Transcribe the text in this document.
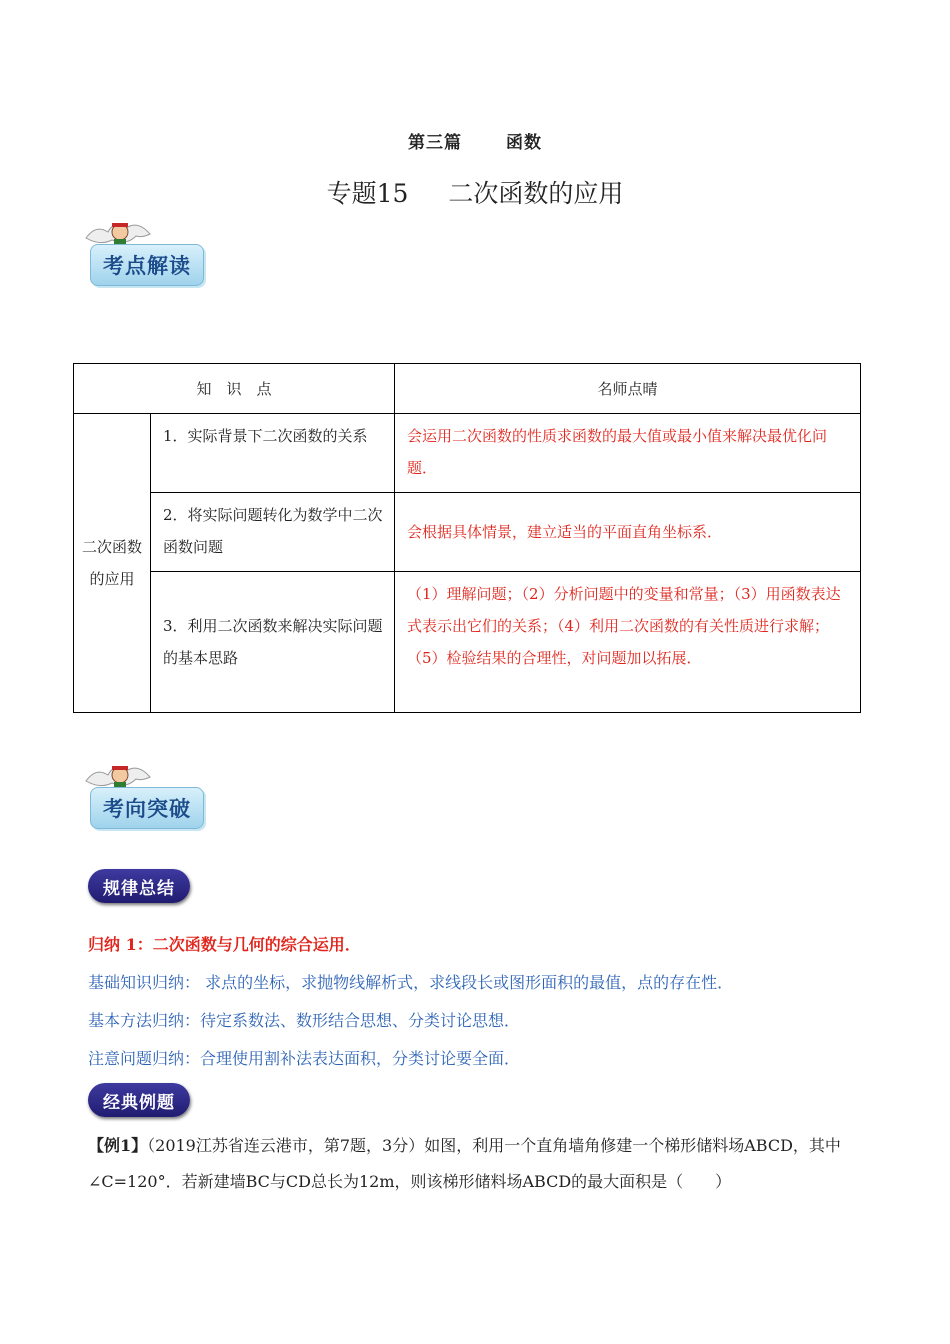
第三篇	函数
专题15 二次函数的应用
考点解读
知　识　点		名师点晴
二次函数的应用	1．实际背景下二次函数的关系	会运用二次函数的性质求函数的最大值或最小值来解决最优化问题．

	2．将实际问题转化为数学中二次函数问题	会根据具体情景，建立适当的平面直角坐标系．

	3．利用二次函数来解决实际问题的基本思路	（1）理解问题；（2）分析问题中的变量和常量；（3）用函数表达式表示出它们的关系；（4）利用二次函数的有关性质进行求解；（5）检验结果的合理性，对问题加以拓展．
考向突破
规律总结
归纳 1：二次函数与几何的综合运用．
基础知识归纳： 求点的坐标，求抛物线解析式，求线段长或图形面积的最值，点的存在性．
基本方法归纳：待定系数法、数形结合思想、分类讨论思想．
注意问题归纳：合理使用割补法表达面积，分类讨论要全面．
经典例题
【例1】（2019江苏省连云港市，第7题，3分）如图，利用一个直角墙角修建一个梯形储料场ABCD，其中
∠C=120°．若新建墙BC与CD总长为12m，则该梯形储料场ABCD的最大面积是（　　）
